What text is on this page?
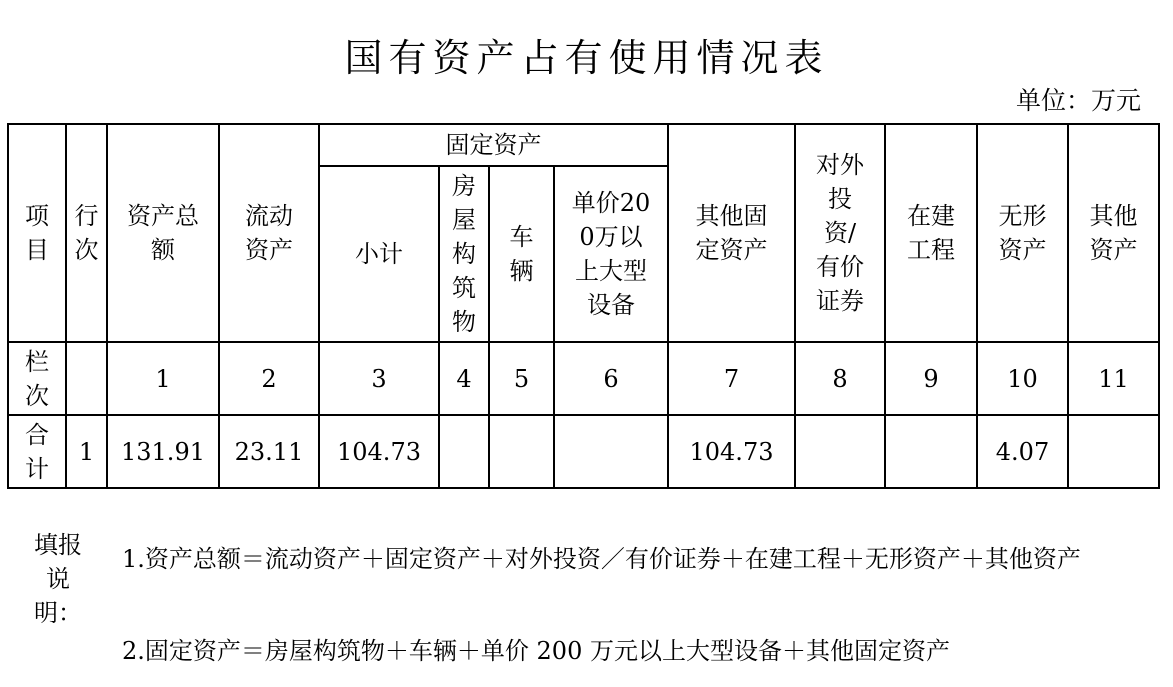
国有资产占有使用情况表
单位：万元
项目	行次	资产总额	流动资产	固定资产				其他固定资产	对外投资/有价证券	在建工程	无形资产	其他资产
				小计	房屋构筑物	车辆	单价200万以上大型设备					
栏次		1	2	3	4	5	6	7	8	9	10	11
合计	1	131.91	23.11	104.73				104.73			4.07	
填报说明：
1.资产总额＝流动资产＋固定资产＋对外投资／有价证券＋在建工程＋无形资产＋其他资产
2.固定资产＝房屋构筑物＋车辆＋单价 200 万元以上大型设备＋其他固定资产
